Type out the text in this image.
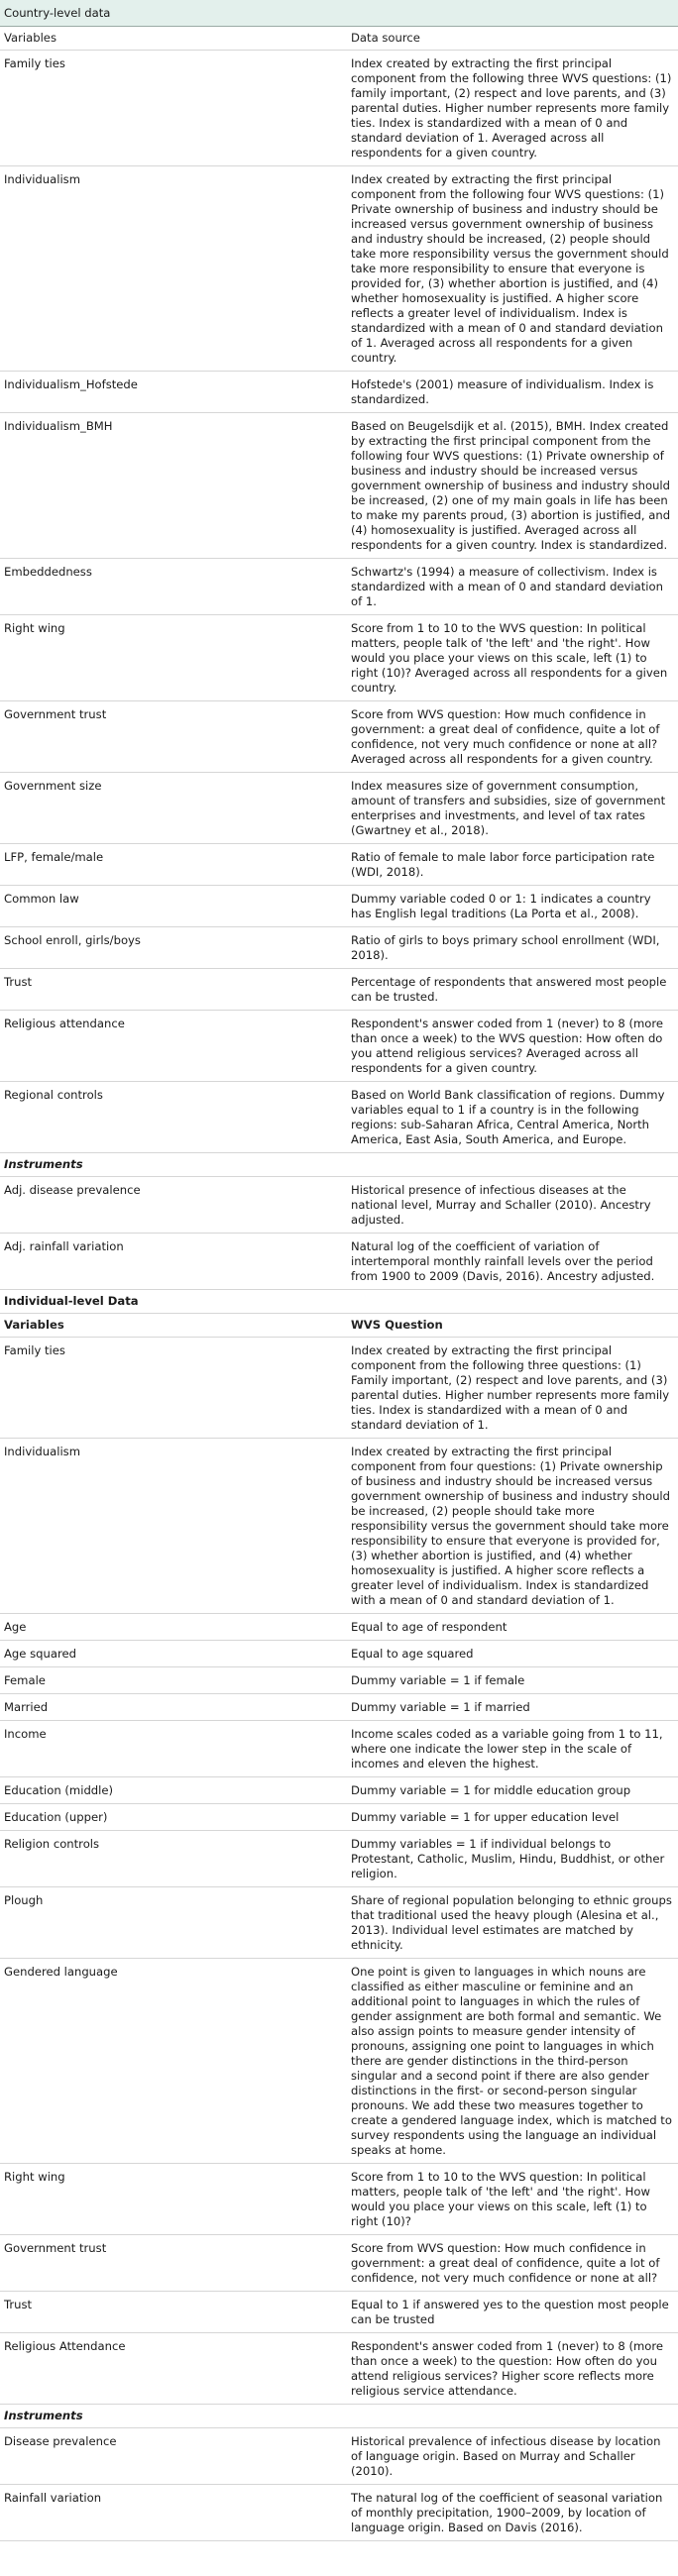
Country-level data	
Variables	Data source
Family ties	Index created by extracting the first principal component from the following three WVS questions: (1) family important, (2) respect and love parents, and (3) parental duties. Higher number represents more family ties. Index is standardized with a mean of 0 and standard deviation of 1. Averaged across all respondents for a given country.
Individualism	Index created by extracting the first principal component from the following four WVS questions: (1) Private ownership of business and industry should be increased versus government ownership of business and industry should be increased, (2) people should take more responsibility versus the government should take more responsibility to ensure that everyone is provided for, (3) whether abortion is justified, and (4) whether homosexuality is justified. A higher score reflects a greater level of individualism. Index is standardized with a mean of 0 and standard deviation of 1. Averaged across all respondents for a given country.
Individualism_Hofstede	Hofstede's (2001) measure of individualism. Index is standardized.
Individualism_BMH	Based on Beugelsdijk et al. (2015), BMH. Index created by extracting the first principal component from the following four WVS questions: (1) Private ownership of business and industry should be increased versus government ownership of business and industry should be increased, (2) one of my main goals in life has been to make my parents proud, (3) abortion is justified, and (4) homosexuality is justified. Averaged across all respondents for a given country. Index is standardized.
Embeddedness	Schwartz's (1994) a measure of collectivism. Index is standardized with a mean of 0 and standard deviation of 1.
Right wing	Score from 1 to 10 to the WVS question: In political matters, people talk of 'the left' and 'the right'. How would you place your views on this scale, left (1) to right (10)? Averaged across all respondents for a given country.
Government trust	Score from WVS question: How much confidence in government: a great deal of confidence, quite a lot of confidence, not very much confidence or none at all? Averaged across all respondents for a given country.
Government size	Index measures size of government consumption, amount of transfers and subsidies, size of government enterprises and investments, and level of tax rates (Gwartney et al., 2018).
LFP, female/male	Ratio of female to male labor force participation rate (WDI, 2018).
Common law	Dummy variable coded 0 or 1: 1 indicates a country has English legal traditions (La Porta et al., 2008).
School enroll, girls/boys	Ratio of girls to boys primary school enrollment (WDI, 2018).
Trust	Percentage of respondents that answered most people can be trusted.
Religious attendance	Respondent's answer coded from 1 (never) to 8 (more than once a week) to the WVS question: How often do you attend religious services? Averaged across all respondents for a given country.
Regional controls	Based on World Bank classification of regions. Dummy variables equal to 1 if a country is in the following regions: sub-Saharan Africa, Central America, North America, East Asia, South America, and Europe.
Instruments	
Adj. disease prevalence	Historical presence of infectious diseases at the national level, Murray and Schaller (2010). Ancestry adjusted.
Adj. rainfall variation	Natural log of the coefficient of variation of intertemporal monthly rainfall levels over the period from 1900 to 2009 (Davis, 2016). Ancestry adjusted.
Individual-level Data	
Variables	WVS Question
Family ties	Index created by extracting the first principal component from the following three questions: (1) Family important, (2) respect and love parents, and (3) parental duties. Higher number represents more family ties. Index is standardized with a mean of 0 and standard deviation of 1.
Individualism	Index created by extracting the first principal component from four questions: (1) Private ownership of business and industry should be increased versus government ownership of business and industry should be increased, (2) people should take more responsibility versus the government should take more responsibility to ensure that everyone is provided for, (3) whether abortion is justified, and (4) whether homosexuality is justified. A higher score reflects a greater level of individualism. Index is standardized with a mean of 0 and standard deviation of 1.
Age	Equal to age of respondent
Age squared	Equal to age squared
Female	Dummy variable = 1 if female
Married	Dummy variable = 1 if married
Income	Income scales coded as a variable going from 1 to 11, where one indicate the lower step in the scale of incomes and eleven the highest.
Education (middle)	Dummy variable = 1 for middle education group
Education (upper)	Dummy variable = 1 for upper education level
Religion controls	Dummy variables = 1 if individual belongs to Protestant, Catholic, Muslim, Hindu, Buddhist, or other religion.
Plough	Share of regional population belonging to ethnic groups that traditional used the heavy plough (Alesina et al., 2013). Individual level estimates are matched by ethnicity.
Gendered language	One point is given to languages in which nouns are classified as either masculine or feminine and an additional point to languages in which the rules of gender assignment are both formal and semantic. We also assign points to measure gender intensity of pronouns, assigning one point to languages in which there are gender distinctions in the third-person singular and a second point if there are also gender distinctions in the first- or second-person singular pronouns. We add these two measures together to create a gendered language index, which is matched to survey respondents using the language an individual speaks at home.
Right wing	Score from 1 to 10 to the WVS question: In political matters, people talk of 'the left' and 'the right'. How would you place your views on this scale, left (1) to right (10)?
Government trust	Score from WVS question: How much confidence in government: a great deal of confidence, quite a lot of confidence, not very much confidence or none at all?
Trust	Equal to 1 if answered yes to the question most people can be trusted
Religious Attendance	Respondent's answer coded from 1 (never) to 8 (more than once a week) to the question: How often do you attend religious services? Higher score reflects more religious service attendance.
Instruments	
Disease prevalence	Historical prevalence of infectious disease by location of language origin. Based on Murray and Schaller (2010).
Rainfall variation	The natural log of the coefficient of seasonal variation of monthly precipitation, 1900–2009, by location of language origin. Based on Davis (2016).
